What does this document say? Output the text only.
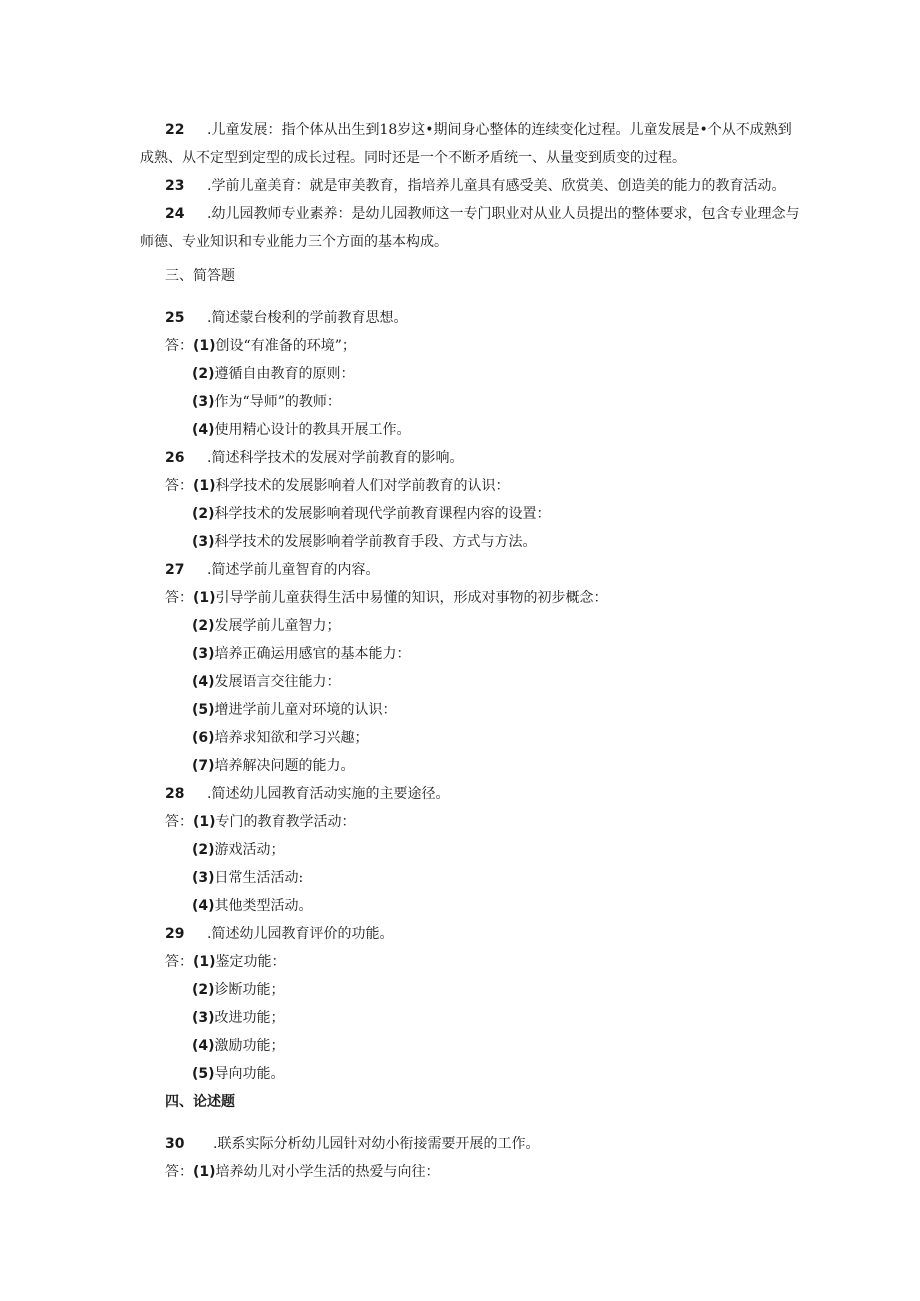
22 .儿童发展：指个体从出生到18岁这•期间身心整体的连续变化过程。儿童发展是•个从不成熟到
成熟、从不定型到定型的成长过程。同时还是一个不断矛盾统一、从量变到质变的过程。
23 .学前儿童美育：就是审美教育，指培养儿童具有感受美、欣赏美、创造美的能力的教育活动。
24 .幼儿园教师专业素养：是幼儿园教师这一专门职业对从业人员提出的整体要求，包含专业理念与
师德、专业知识和专业能力三个方面的基本构成。
三、简答题
25 .简述蒙台梭利的学前教育思想。
答：(1)创设“有准备的环境”；
(2)遵循自由教育的原则：
(3)作为“导师”的教师：
(4)使用精心设计的教具开展工作。
26 .简述科学技术的发展对学前教育的影响。
答：(1)科学技术的发展影响着人们对学前教育的认识：
(2)科学技术的发展影响着现代学前教育课程内容的设置：
(3)科学技术的发展影响着学前教育手段、方式与方法。
27 .简述学前儿童智育的内容。
答：(1)引导学前儿童获得生活中易懂的知识，形成对事物的初步概念：
(2)发展学前儿童智力；
(3)培养正确运用感官的基本能力：
(4)发展语言交往能力：
(5)增进学前儿童对环境的认识：
(6)培养求知欲和学习兴趣；
(7)培养解决问题的能力。
28 .简述幼儿园教育活动实施的主要途径。
答：(1)专门的教育教学活动：
(2)游戏活动；
(3)日常生活活动:
(4)其他类型活动。
29 .简述幼儿园教育评价的功能。
答：(1)鉴定功能：
(2)诊断功能；
(3)改进功能；
(4)激励功能；
(5)导向功能。
四、论述题
30 .联系实际分析幼儿园针对幼小衔接需要开展的工作。
答：(1)培养幼儿对小学生活的热爱与向往：
